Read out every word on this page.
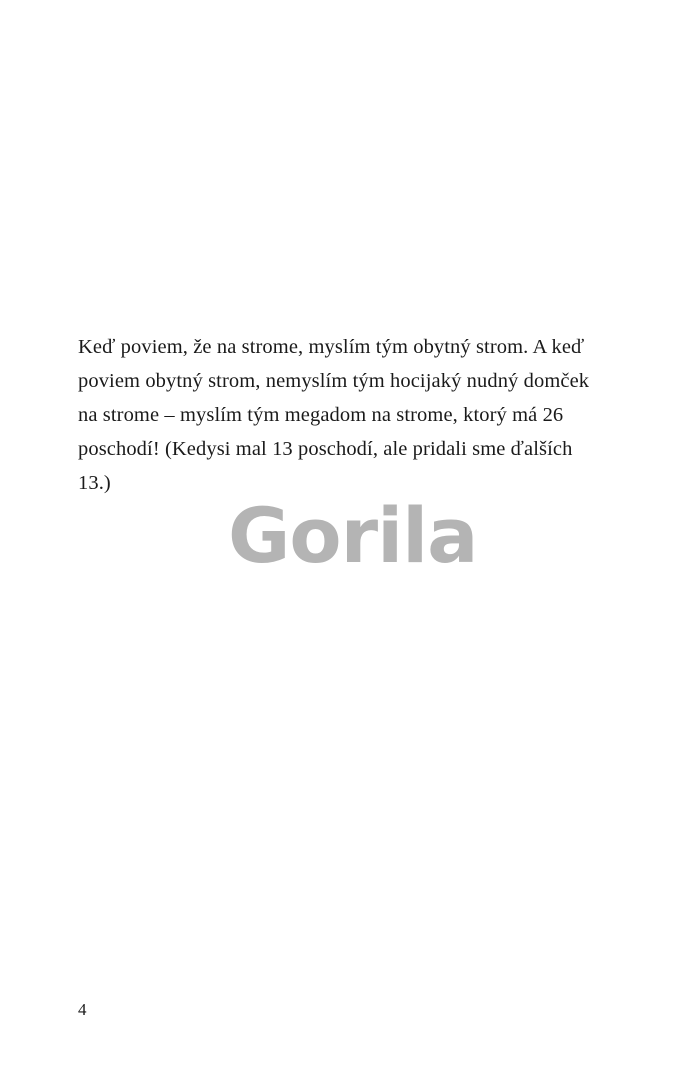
Gorila

Keď poviem, že na strome, myslím tým obytný strom. A keď poviem obytný strom, nemyslím tým hocijaký nudný domček na strome – myslím tým megadom na strome, ktorý má 26 poschodí! (Kedysi mal 13 poschodí, ale pridali sme ďalších 13.)

4
